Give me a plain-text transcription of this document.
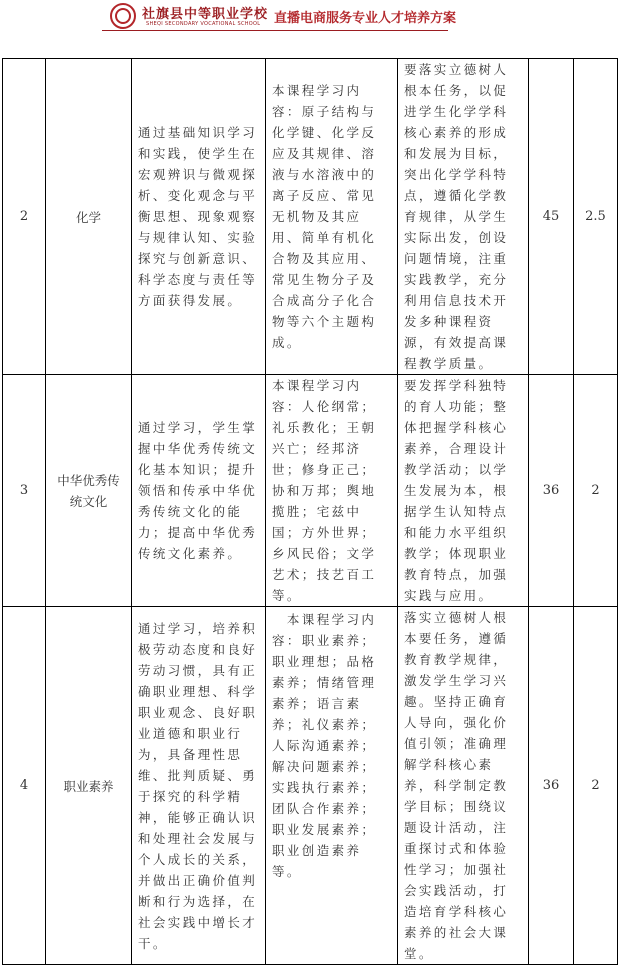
社旗县中等职业学校
SHEQI SECONDARY VOCATIONAL SCHOOL 直播电商服务专业人才培养方案
2	化学	通过基础知识学习和实践，使学生在宏观辨识与微观探析、变化观念与平衡思想、现象观察与规律认知、实验探究与创新意识、科学态度与责任等方面获得发展。	本课程学习内容：原子结构与化学键、化学反应及其规律、溶液与水溶液中的离子反应、常见无机物及其应用、简单有机化合物及其应用、常见生物分子及合成高分子化合物等六个主题构成。	要落实立德树人根本任务，以促进学生化学学科核心素养的形成和发展为目标，突出化学学科特点，遵循化学教育规律，从学生实际出发，创设问题情境，注重实践教学，充分利用信息技术开发多种课程资源，有效提高课程教学质量。	45	2.5
3	中华优秀传统文化	通过学习，学生掌握中华优秀传统文化基本知识；提升领悟和传承中华优秀传统文化的能力；提高中华优秀传统文化素养。	本课程学习内容：人伦纲常；礼乐教化；王朝兴亡；经邦济世；修身正己；协和万邦；舆地揽胜；宅兹中国；方外世界；乡风民俗；文学艺术；技艺百工等。	要发挥学科独特的育人功能；整体把握学科核心素养，合理设计教学活动；以学生发展为本，根据学生认知特点和能力水平组织教学；体现职业教育特点，加强实践与应用。	36	2
4	职业素养	通过学习，培养积极劳动态度和良好劳动习惯，具有正确职业理想、科学职业观念、良好职业道德和职业行为，具备理性思维、批判质疑、勇于探究的科学精神，能够正确认识和处理社会发展与个人成长的关系，并做出正确价值判断和行为选择，在社会实践中增长才干。	　本课程学习内容：职业素养；职业理想；品格素养；情绪管理素养；语言素养；礼仪素养；人际沟通素养；解决问题素养；实践执行素养；团队合作素养；职业发展素养；职业创造素养等。	落实立德树人根本要任务，遵循教育教学规律，激发学生学习兴趣。坚持正确育人导向，强化价值引领；准确理解学科核心素养，科学制定教学目标；围绕议题设计活动，注重探讨式和体验性学习；加强社会实践活动，打造培育学科核心素养的社会大课堂。	36	2
